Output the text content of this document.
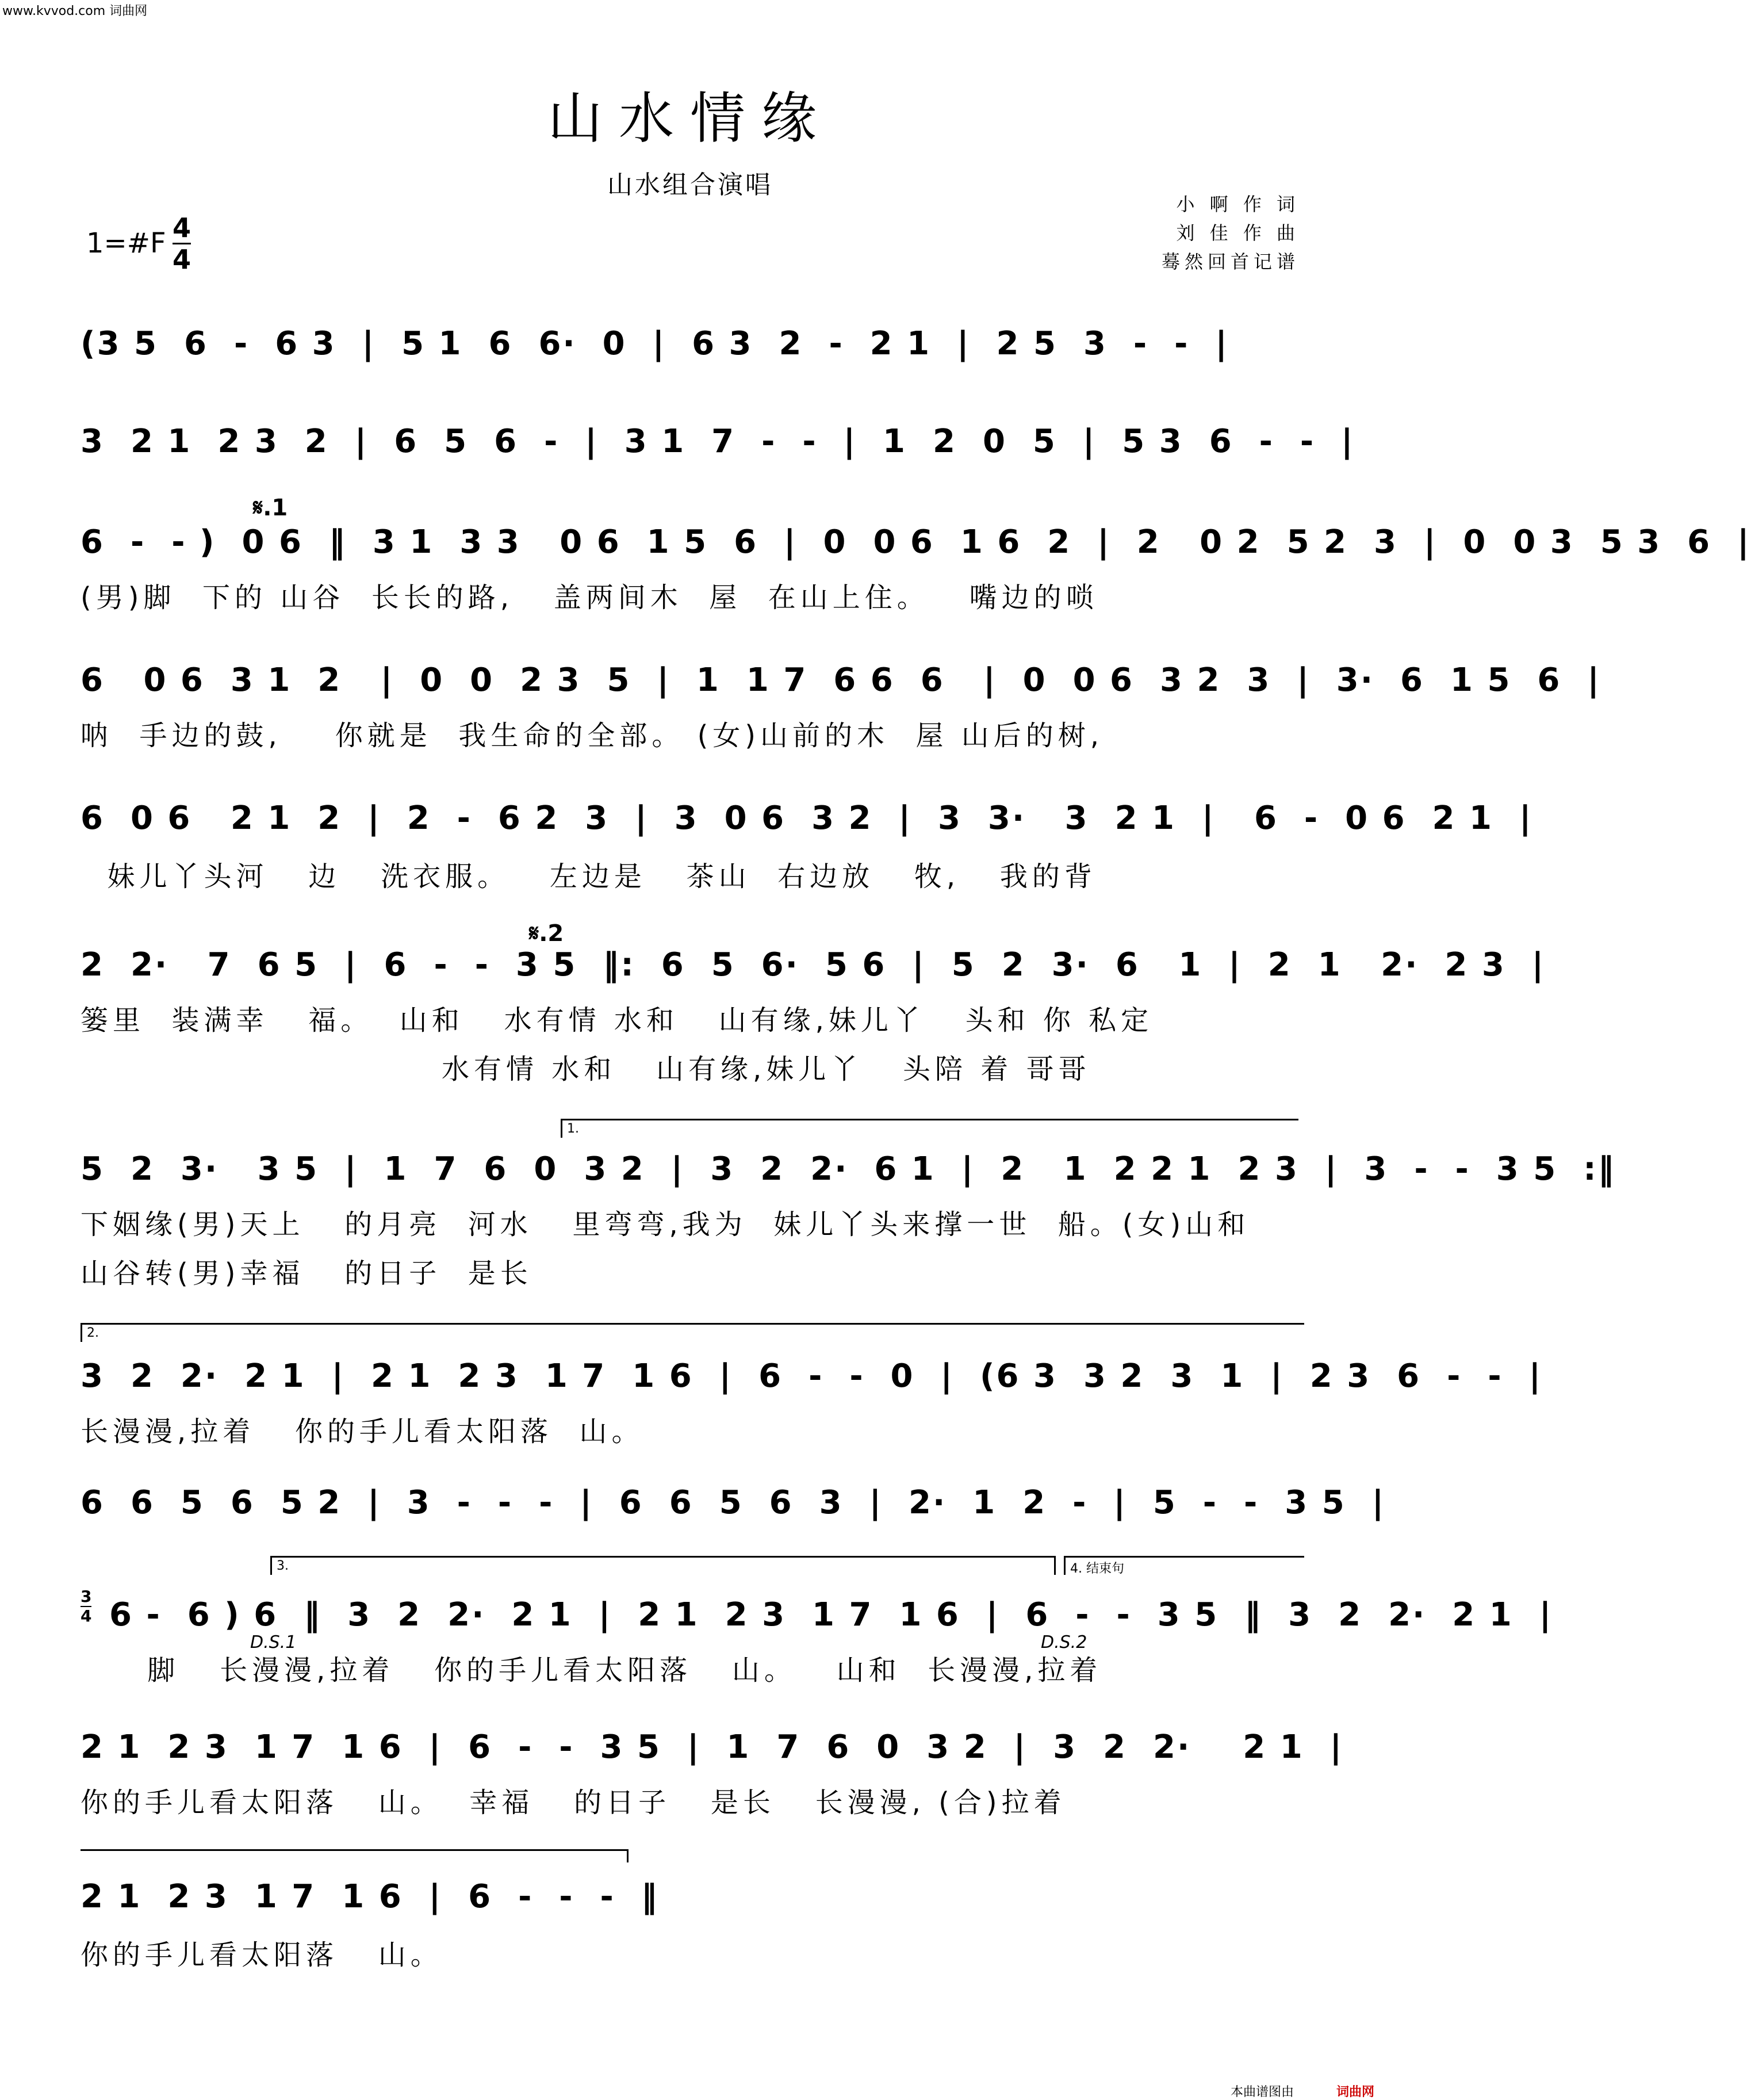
www.kvvod.com 词曲网
山水情缘
山水组合演唱
小 啊 作 词
刘 佳 作 曲
蓦然回首记谱
1=#F $\frac{4}{4}$
𝄋.1
𝄋.2
(3 5  6  -  6 3  |  5 1  6  6·  0  |  6 3  2  -  2 1  |  2 5  3  -  -  |
3  2 1  2 3  2  |  6  5  6  -  |  3 1  7  -  -  |  1  2  0  5  |  5 3  6  -  -  |
6  -  - )  0 6  ‖  3 1  3 3   0 6  1 5  6  |  0  0 6  1 6  2  |  2   0 2  5 2  3  |  0  0 3  5 3  6  |
(男)脚  下的 山谷  长长的路,   盖两间木  屋  在山上住。   嘴边的唢
6   0 6  3 1  2   |  0  0  2 3  5  |  1  1 7  6 6  6   |  0  0 6  3 2  3  |  3·  6  1 5  6  |
呐  手边的鼓,    你就是  我生命的全部。 (女)山前的木  屋 山后的树,
6  0 6   2 1  2  |  2  -  6 2  3  |  3  0 6  3 2  |  3  3·   3  2 1  |   6  -  0 6  2 1  |
妹儿丫头河   边   洗衣服。   左边是   茶山  右边放   牧,   我的背
2  2·   7  6 5  |  6  -  -  3 5  ‖:  6  5  6·  5 6  |  5  2  3·  6   1  |  2  1   2·  2 3  |
篓里  装满幸   福。  山和   水有情 水和   山有缘,妹儿丫   头和 你 私定
水有情 水和   山有缘,妹儿丫   头陪 着 哥哥
1.
5  2  3·   3 5  |  1  7  6  0  3 2  |  3  2  2·  6 1  |  2   1  2 2 1  2 3  |  3  -  -  3 5  :‖
下姻缘(男)天上   的月亮  河水   里弯弯,我为  妹儿丫头来撑一世  船。(女)山和
山谷转(男)幸福   的日子  是长
2.
3  2  2·  2 1  |  2 1  2 3  1 7  1 6  |  6  -  -  0  |  (6 3  3 2  3  1  |  2 3  6  -  -  |
长漫漫,拉着   你的手儿看太阳落  山。
6  6  5  6  5 2  |  3  -  -  -  |  6  6  5  6  3  |  2·  1  2  -  |  5  -  -  3 5  |
3.	4. 结束句
$\frac{3}{4} 6 - 6$ ) 6  ‖  3  2  2·  2 1  |  2 1  2 3  1 7  1 6  |  6  -  -  3 5  ‖  3  2  2·  2 1  |
D.S.1	D.S.2
脚   长漫漫,拉着   你的手儿看太阳落   山。   山和  长漫漫,拉着
2 1  2 3  1 7  1 6  |  6  -  -  3 5  |  1  7  6  0  3 2  |  3  2  2·    2 1  |
你的手儿看太阳落   山。  幸福   的日子   是长   长漫漫, (合)拉着
2 1  2 3  1 7  1 6  |  6  -  -  -  ‖
你的手儿看太阳落   山。
本曲谱图由	词曲网
